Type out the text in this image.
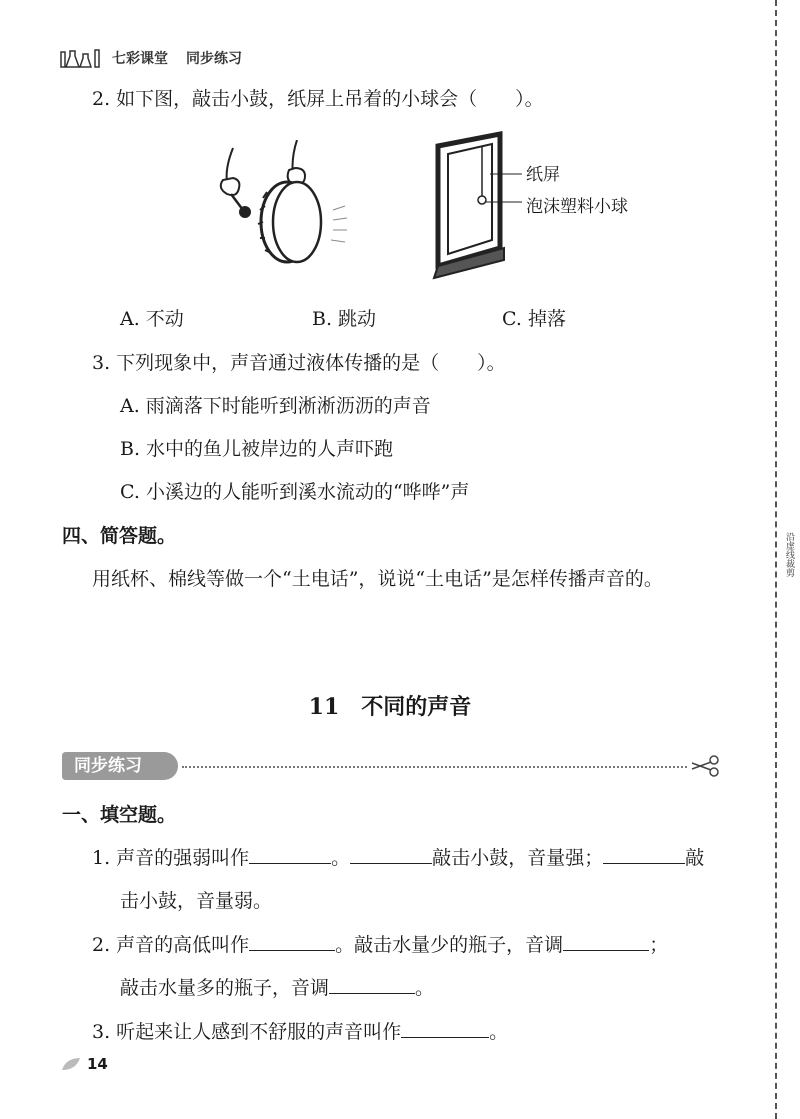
七彩课堂 同步练习
沿虚线裁剪
2. 如下图，敲击小鼓，纸屏上吊着的小球会（　　）。
纸屏
泡沫塑料小球
A. 不动	B. 跳动	C. 掉落
3. 下列现象中，声音通过液体传播的是（　　）。
A. 雨滴落下时能听到淅淅沥沥的声音
B. 水中的鱼儿被岸边的人声吓跑
C. 小溪边的人能听到溪水流动的“哗哗”声
四、简答题。
用纸杯、棉线等做一个“土电话”，说说“土电话”是怎样传播声音的。
11 不同的声音
同步练习
一、填空题。
1. 声音的强弱叫作	。	敲击小鼓，音量强；	敲
击小鼓，音量弱。
2. 声音的高低叫作	。敲击水量少的瓶子，音调	；
敲击水量多的瓶子，音调	。
3. 听起来让人感到不舒服的声音叫作	。
14
